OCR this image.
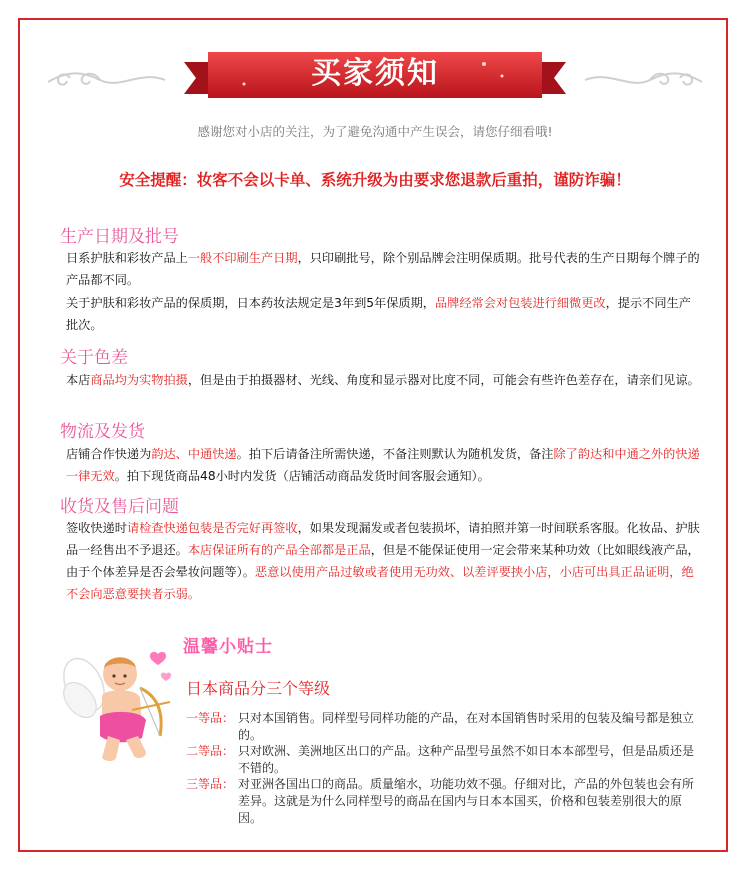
买家须知
感谢您对小店的关注，为了避免沟通中产生误会，请您仔细看哦!
安全提醒：妆客不会以卡单、系统升级为由要求您退款后重拍，谨防诈骗！
生产日期及批号
日系护肤和彩妆产品上一般不印刷生产日期，只印刷批号，除个别品牌会注明保质期。批号代表的生产日期每个牌子的产品都不同。
关于护肤和彩妆产品的保质期，日本药妆法规定是3年到5年保质期，品牌经常会对包装进行细微更改，提示不同生产批次。
关于色差
本店商品均为实物拍摄，但是由于拍摄器材、光线、角度和显示器对比度不同，可能会有些许色差存在，请亲们见谅。
物流及发货
店铺合作快递为韵达、中通快递。拍下后请备注所需快递，不备注则默认为随机发货，备注除了韵达和中通之外的快递一律无效。拍下现货商品48小时内发货（店铺活动商品发货时间客服会通知）。
收货及售后问题
签收快递时请检查快递包装是否完好再签收，如果发现漏发或者包装损坏，请拍照并第一时间联系客服。化妆品、护肤品一经售出不予退还。本店保证所有的产品全部都是正品，但是不能保证使用一定会带来某种功效（比如眼线液产品，由于个体差异是否会晕妆问题等）。恶意以使用产品过敏或者使用无功效、以差评要挟小店，小店可出具正品证明，绝不会向恶意要挟者示弱。
温馨小贴士
日本商品分三个等级
一等品： 只对本国销售。同样型号同样功能的产品，在对本国销售时采用的包装及编号都是独立的。
二等品： 只对欧洲、美洲地区出口的产品。这种产品型号虽然不如日本本部型号，但是品质还是不错的。
三等品： 对亚洲各国出口的商品。质量缩水，功能功效不强。仔细对比，产品的外包装也会有所差异。这就是为什么同样型号的商品在国内与日本本国买，价格和包装差别很大的原因。
